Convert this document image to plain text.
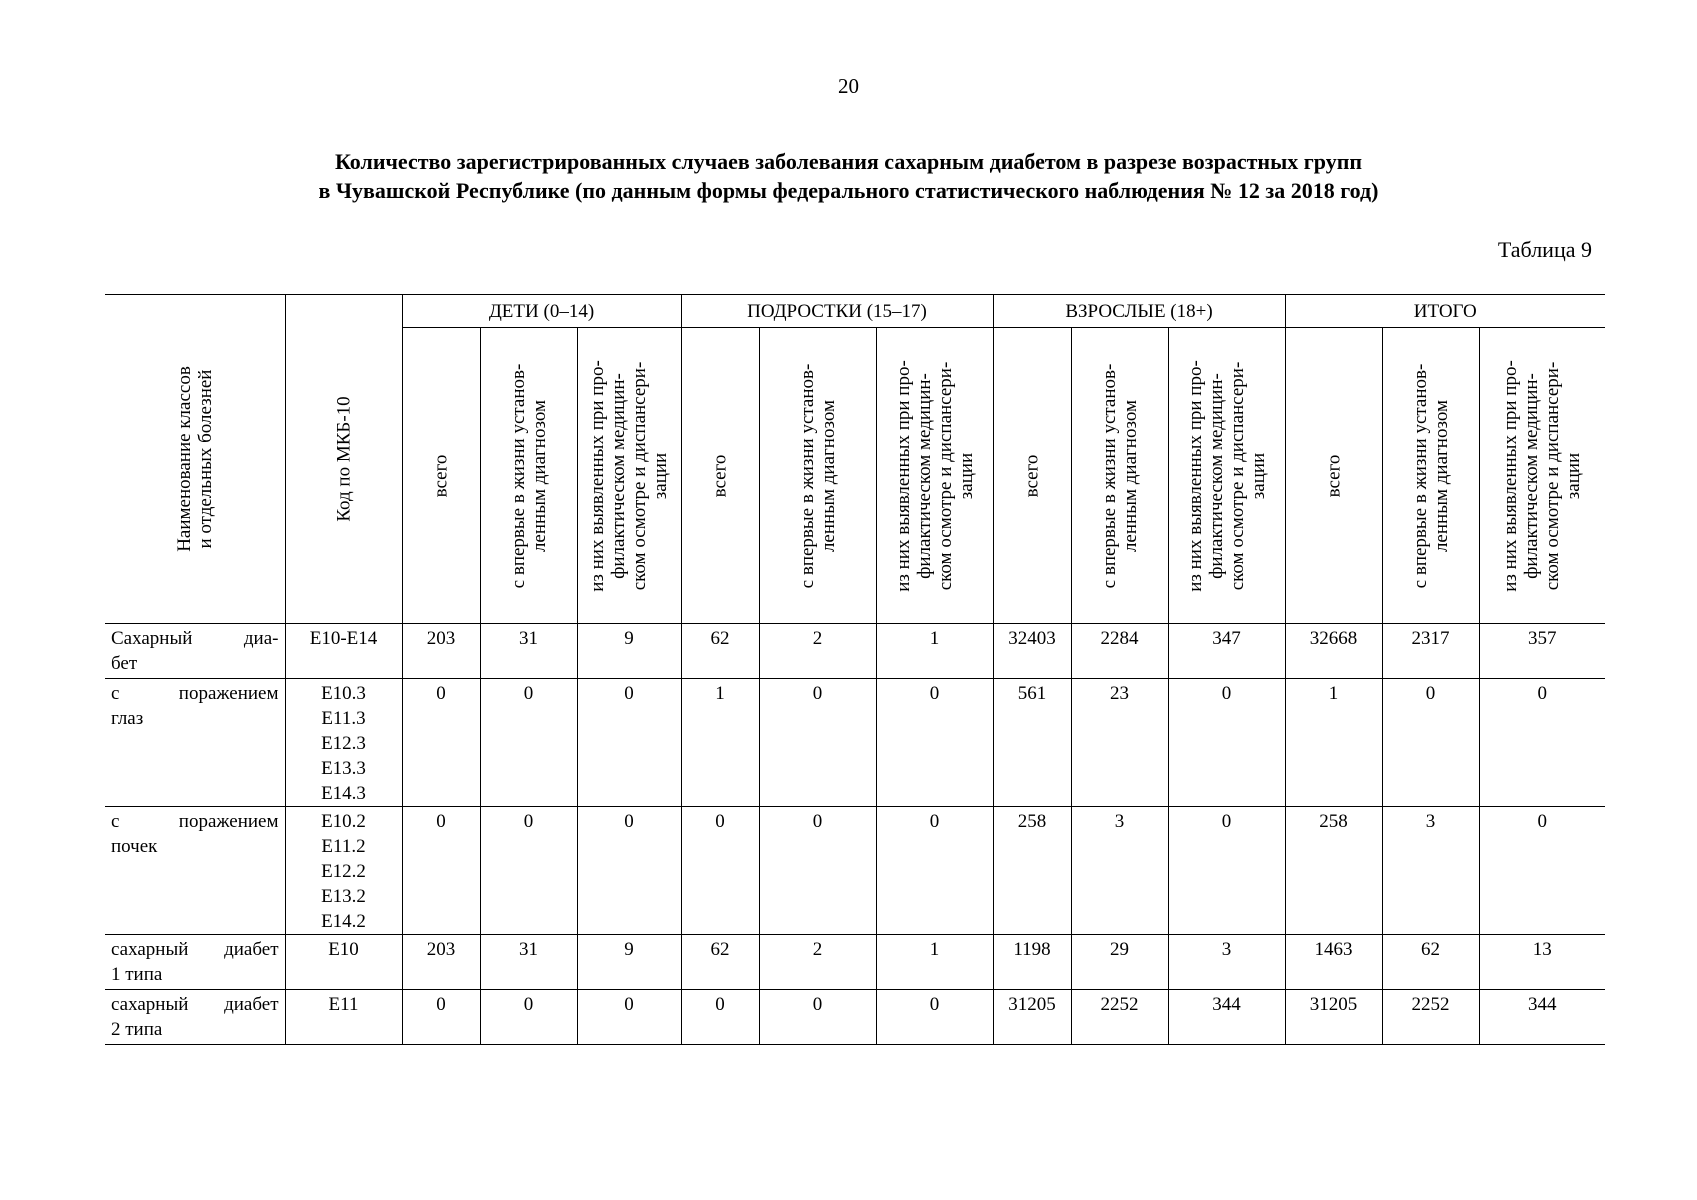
20
Количество зарегистрированных случаев заболевания сахарным диабетом в разрезе возрастных групп
в Чувашской Республике (по данным формы федерального статистического наблюдения № 12 за 2018 год)
Таблица 9
Наименование классов и отдельных болезней	Код по МКБ-10	ДЕТИ (0–14)			ПОДРОСТКИ (15–17)			ВЗРОСЛЫЕ (18+)			ИТОГО		

		всего	с впервые в жизни установ- ленным диагнозом	из них выявленных при про- филактическом медицин- ском осмотре и диспансери- зации	всего	с впервые в жизни установ- ленным диагнозом	из них выявленных при про- филактическом медицин- ском осмотре и диспансери- зации	всего	с впервые в жизни установ- ленным диагнозом	из них выявленных при про- филактическом медицин- ском осмотре и диспансери- зации	всего	с впервые в жизни установ- ленным диагнозом	из них выявленных при про- филактическом медицин- ском осмотре и диспансери- зации

Сахарный диа-
бет	E10-E14	203	31	9	62	2	1	32403	2284	347	32668	2317	357

с поражением
глаз	E10.3
E11.3
E12.3
E13.3
E14.3	0	0	0	1	0	0	561	23	0	1	0	0

с поражением
почек	E10.2
E11.2
E12.2
E13.2
E14.2	0	0	0	0	0	0	258	3	0	258	3	0

сахарный диабет
1 типа	E10	203	31	9	62	2	1	1198	29	3	1463	62	13

сахарный диабет
2 типа	E11	0	0	0	0	0	0	31205	2252	344	31205	2252	344
